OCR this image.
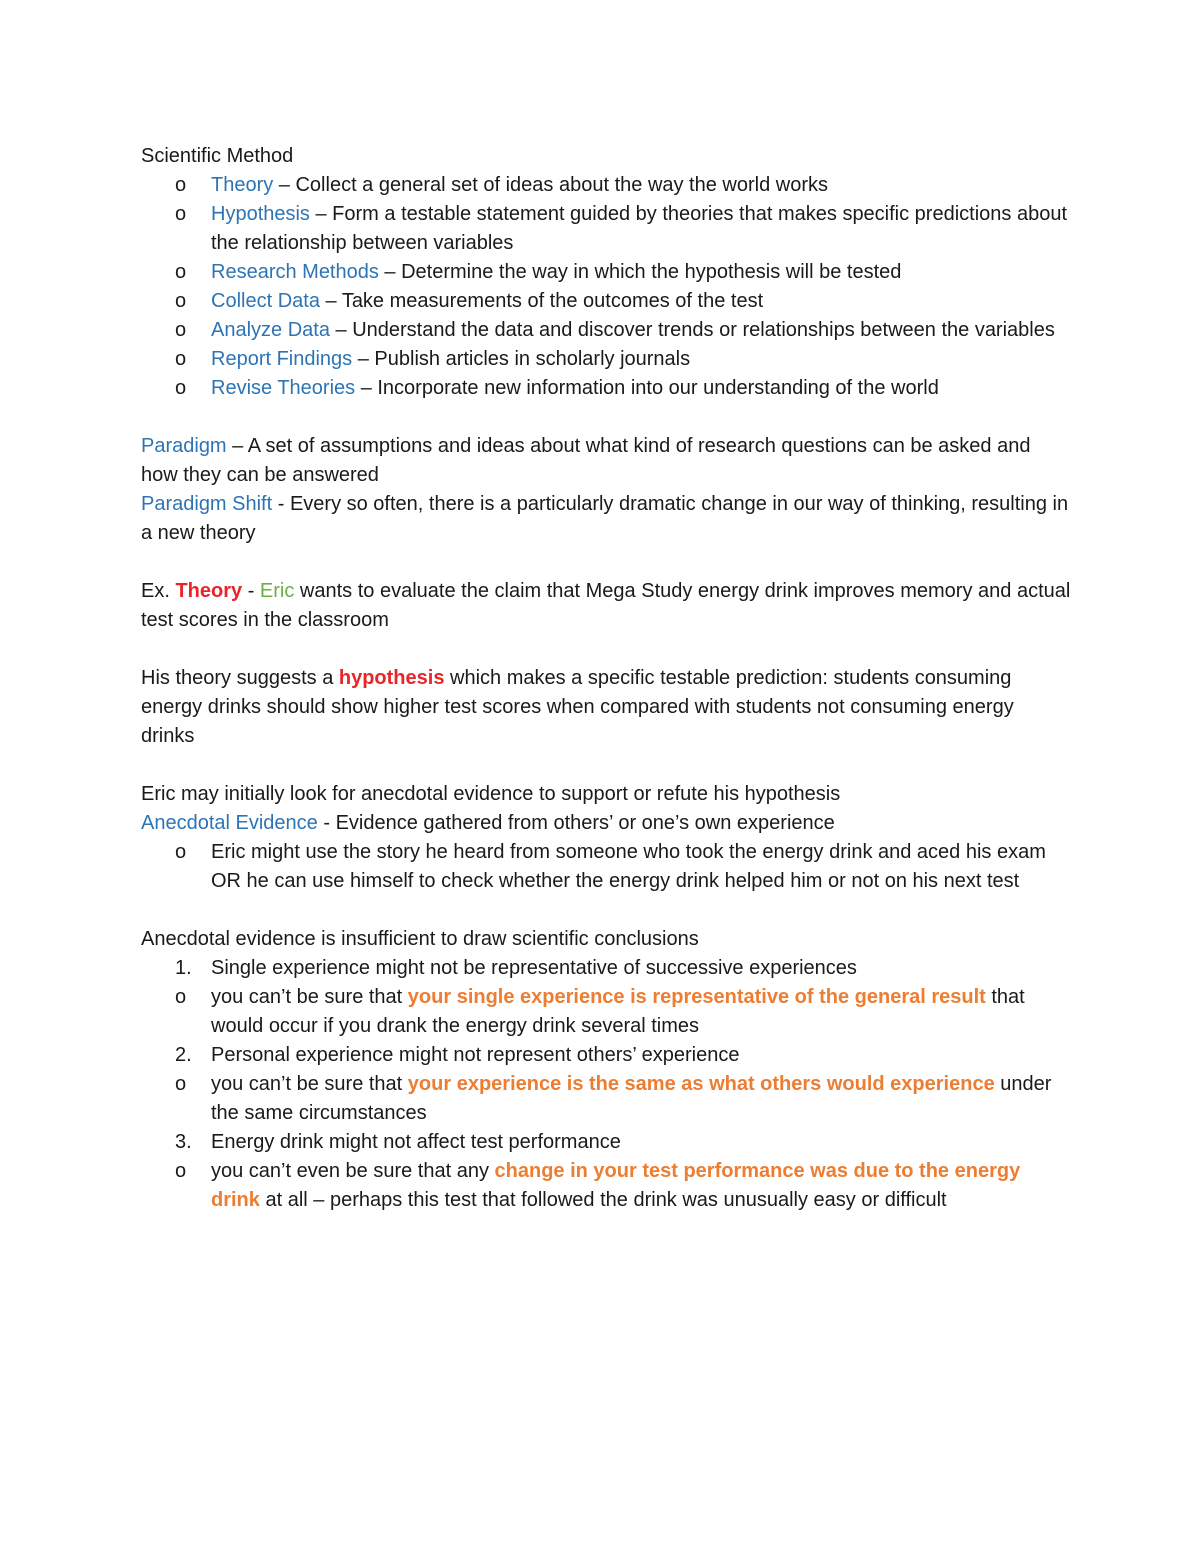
Scientific Method

o	Theory – Collect a general set of ideas about the way the world works
o	Hypothesis – Form a testable statement guided by theories that makes specific predictions about the relationship between variables
o	Research Methods – Determine the way in which the hypothesis will be tested
o	Collect Data – Take measurements of the outcomes of the test
o	Analyze Data – Understand the data and discover trends or relationships between the variables
o	Report Findings – Publish articles in scholarly journals
o	Revise Theories – Incorporate new information into our understanding of the world

Paradigm – A set of assumptions and ideas about what kind of research questions can be asked and how they can be answered

Paradigm Shift - Every so often, there is a particularly dramatic change in our way of thinking, resulting in a new theory

Ex. Theory - Eric wants to evaluate the claim that Mega Study energy drink improves memory and actual test scores in the classroom

His theory suggests a hypothesis which makes a specific testable prediction: students consuming energy drinks should show higher test scores when compared with students not consuming energy drinks

Eric may initially look for anecdotal evidence to support or refute his hypothesis

Anecdotal Evidence - Evidence gathered from others’ or one’s own experience

o	Eric might use the story he heard from someone who took the energy drink and aced his exam OR he can use himself to check whether the energy drink helped him or not on his next test

Anecdotal evidence is insufficient to draw scientific conclusions

1. Single experience might not be representative of successive experiences
o	you can’t be sure that your single experience is representative of the general result that would occur if you drank the energy drink several times
2. Personal experience might not represent others’ experience
o	you can’t be sure that your experience is the same as what others would experience under the same circumstances
3. Energy drink might not affect test performance
o	you can’t even be sure that any change in your test performance was due to the energy drink at all – perhaps this test that followed the drink was unusually easy or difficult
